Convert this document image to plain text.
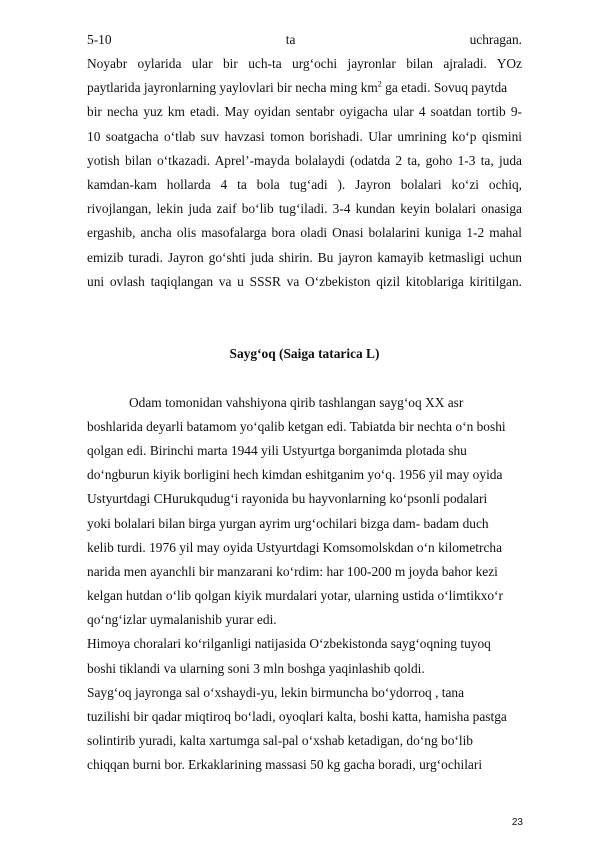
5-10	ta	uchragan.
Noyabr oylarida ular bir uch-ta urg‘ochi jayronlar bilan ajraladi. YOz
paytlarida jayronlarning yaylovlari bir necha ming $km^2$ ga etadi. Sovuq paytda
bir necha yuz km etadi. May oyidan sentabr oyigacha ular 4 soatdan tortib 9-
10 soatgacha o‘tlab suv havzasi tomon borishadi. Ular umrining ko‘p qismini
yotish bilan o‘tkazadi. Aprel’-mayda bolalaydi (odatda 2 ta, goho 1-3 ta, juda
kamdan-kam hollarda 4 ta bola tug‘adi ). Jayron bolalari ko‘zi ochiq,
rivojlangan, lekin juda zaif bo‘lib tug‘iladi. 3-4 kundan keyin bolalari onasiga
ergashib, ancha olis masofalarga bora oladi Onasi bolalarini kuniga 1-2 mahal
emizib turadi. Jayron go‘shti juda shirin. Bu jayron kamayib ketmasligi uchun
uni ovlash taqiqlangan va u SSSR va O‘zbekiston qizil kitoblariga kiritilgan.
Sayg‘oq (Saiga tatarica L)
Odam tomonidan vahshiyona qirib tashlangan sayg‘oq XX asr
boshlarida deyarli batamom yo‘qalib ketgan edi. Tabiatda bir nechta o‘n boshi
qolgan edi. Birinchi marta 1944 yili Ustyurtga borganimda plotada shu
do‘ngburun kiyik borligini hech kimdan eshitganim yo‘q. 1956 yil may oyida
Ustyurtdagi CHurukqudug‘i rayonida bu hayvonlarning ko‘psonli podalari
yoki bolalari bilan birga yurgan ayrim urg‘ochilari bizga dam- badam duch
kelib turdi. 1976 yil may oyida Ustyurtdagi Komsomolskdan o‘n kilometrcha
narida men ayanchli bir manzarani ko‘rdim: har 100-200 m joyda bahor kezi
kelgan hutdan o‘lib qolgan kiyik murdalari yotar, ularning ustida o‘limtikxo‘r
qo‘ng‘izlar uymalanishib yurar edi.
Himoya choralari ko‘rilganligi natijasida O‘zbekistonda sayg‘oqning tuyoq
boshi tiklandi va ularning soni 3 mln boshga yaqinlashib qoldi.
Sayg‘oq jayronga sal o‘xshaydi-yu, lekin birmuncha bo‘ydorroq , tana
tuzilishi bir qadar miqtiroq bo‘ladi, oyoqlari kalta, boshi katta, hamisha pastga
solintirib yuradi, kalta xartumga sal-pal o‘xshab ketadigan, do‘ng bo‘lib
chiqqan burni bor. Erkaklarining massasi 50 kg gacha boradi, urg‘ochilari
23
